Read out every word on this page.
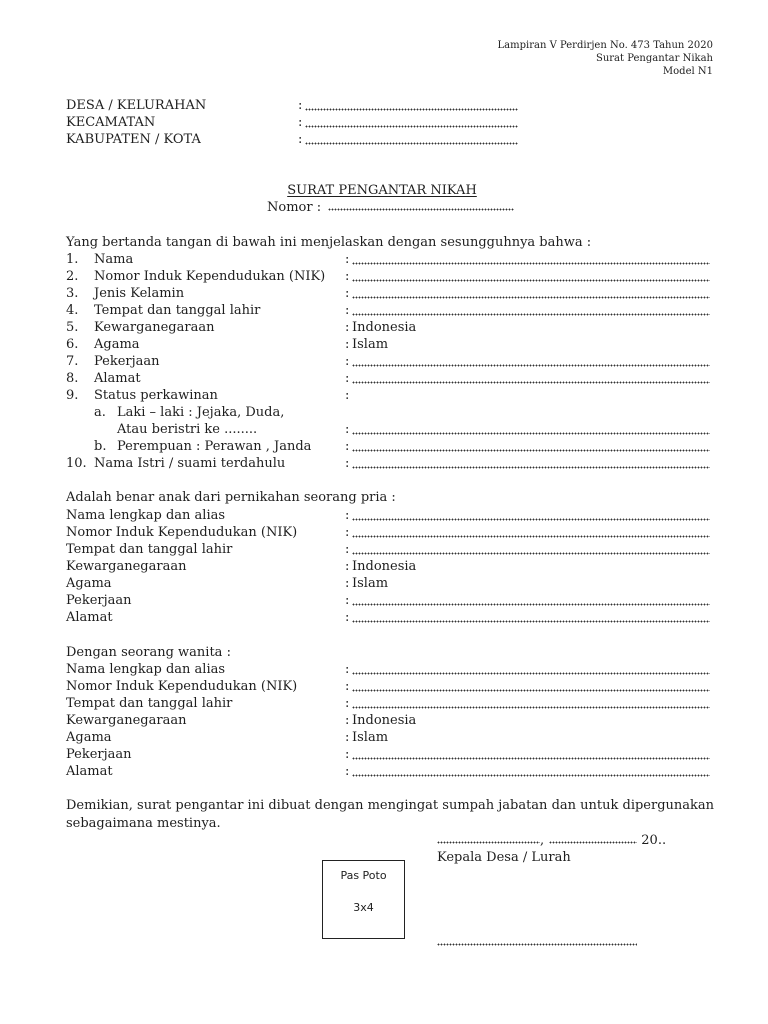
Lampiran V Perdirjen No. 473 Tahun 2020
Surat Pengantar Nikah
Model N1
DESA / KELURAHAN	:
KECAMATAN	:
KABUPATEN / KOTA	:
SURAT PENGANTAR NIKAH
Nomor :
Yang bertanda tangan di bawah ini menjelaskan dengan sesungguhnya bahwa :
1. Nama	:
2. Nomor Induk Kependudukan (NIK) :
3. Jenis Kelamin	:
4. Tempat dan tanggal lahir	:
5. Kewarganegaraan	: Indonesia
6. Agama	: Islam
7. Pekerjaan	:
8. Alamat	:
9. Status perkawinan	:
a. Laki – laki : Jejaka, Duda,
Atau beristri ke ........	:
b. Perempuan : Perawan , Janda	:
10. Nama Istri / suami terdahulu	:
Adalah benar anak dari pernikahan seorang pria :
Nama lengkap dan alias	:
Nomor Induk Kependudukan (NIK)	:
Tempat dan tanggal lahir	:
Kewarganegaraan	: Indonesia
Agama	: Islam
Pekerjaan	:
Alamat	:
Dengan seorang wanita :
Nama lengkap dan alias	:
Nomor Induk Kependudukan (NIK)	:
Tempat dan tanggal lahir	:
Kewarganegaraan	: Indonesia
Agama	: Islam
Pekerjaan	:
Alamat	:
Demikian, surat pengantar ini dibuat dengan mengingat sumpah jabatan dan untuk dipergunakan
sebagaimana mestinya.
,	20..
Kepala Desa / Lurah
Pas Poto
3x4
